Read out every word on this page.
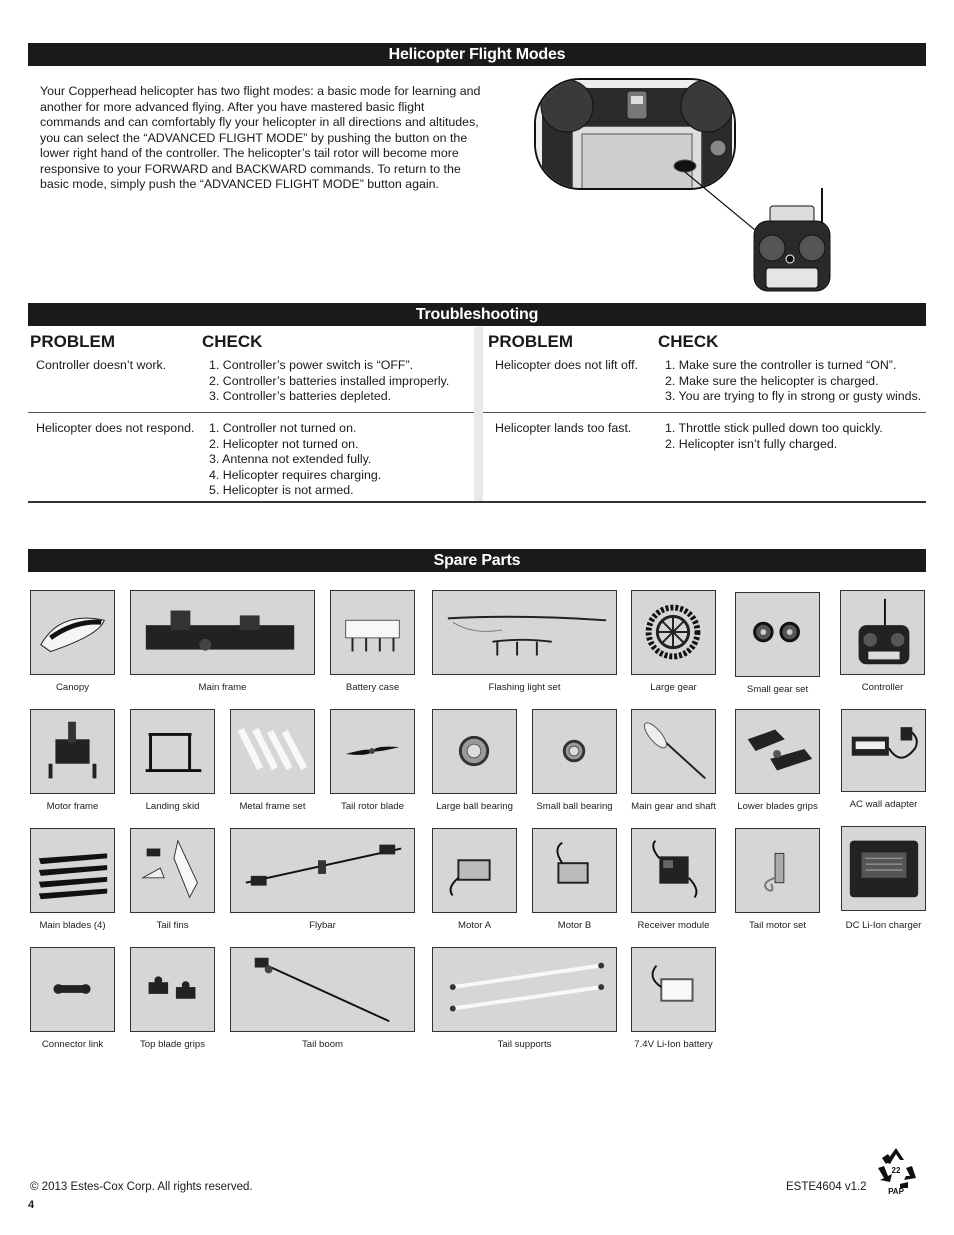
Helicopter Flight Modes

Your Copperhead helicopter has two flight modes: a basic mode for learning and another for more advanced flying. After you have mastered basic flight commands and can comfortably fly your helicopter in all directions and altitudes, you can select the “ADVANCED FLIGHT MODE” by pushing the button on the lower right hand of the controller. The helicopter’s tail rotor will become more responsive to your FORWARD and BACKWARD commands. To return to the basic mode, simply push the “ADVANCED FLIGHT MODE” button again.

Troubleshooting
PROBLEM	CHECK	PROBLEM	CHECK

Controller doesn’t work.	1. Controller’s power switch is “OFF”.
2. Controller’s batteries installed improperly.
3. Controller’s batteries depleted.

Helicopter does not respond. 1. Controller not turned on.
2. Helicopter not turned on.
3. Antenna not extended fully.
4. Helicopter requires charging.
5. Helicopter is not armed.

Helicopter does not lift off. 1. Make sure the controller is turned “ON”.
2. Make sure the helicopter is charged.
3. You are trying to fly in strong or gusty winds.

Helicopter lands too fast.	1. Throttle stick pulled down too quickly.
2. Helicopter isn’t fully charged.
Spare Parts
Canopy	Main frame	Battery case	Flashing light set	Large gear	Small gear set	Controller
Motor frame	Landing skid	Metal frame set	Tail rotor blade	Large ball bearing	Small ball bearing	Main gear and shaft	Lower blades grips	AC wall adapter
Main blades (4)	Tail fins	Flybar	Motor A	Motor B	Receiver module	Tail motor set	DC Li-Ion charger
Connector link	Top blade grips	Tail boom	Tail supports	7.4V Li-Ion battery
© 2013 Estes-Cox Corp. All rights reserved.	ESTE4604 v1.2
4
22
PAP
